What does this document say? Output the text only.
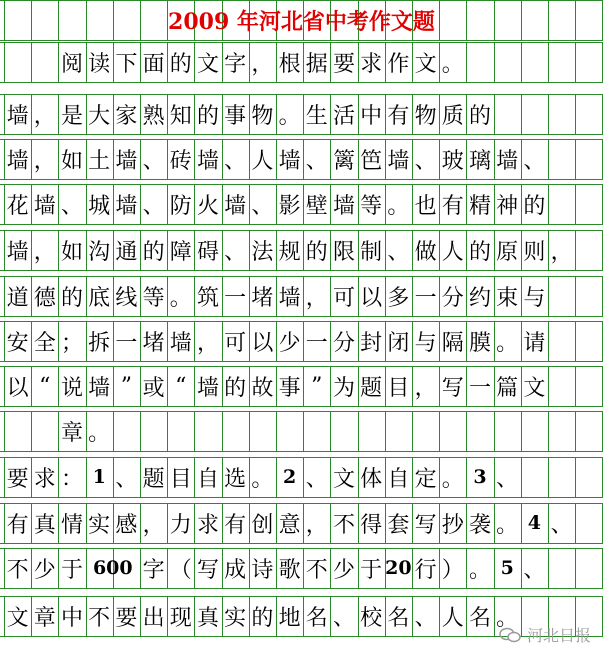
2009 年河北省中考作文题
阅 读 下 面 的 文 字 ， 根 据 要 求 作 文 。
墙 ， 是 大 家 熟 知 的 事 物 。 生 活 中 有 物 质 的
墙 ， 如 土 墙 、 砖 墙 、 人 墙 、 篱 笆 墙 、 玻 璃 墙 、
花 墙 、 城 墙 、 防 火 墙 、 影 壁 墙 等 。 也 有 精 神 的
墙 ， 如 沟 通 的 障 碍 、 法 规 的 限 制 、 做 人 的 原 则 ，
道 德 的 底 线 等 。 筑 一 堵 墙 ， 可 以 多 一 分 约 束 与
安 全 ； 拆 一 堵 墙 ， 可 以 少 一 分 封 闭 与 隔 膜 。 请
以 “ 说 墙 ” 或 “ 墙 的 故 事 ” 为 题 目 ， 写 一 篇 文
章 。
要 求 ： 1 、 题 目 自 选 。 2 、 文 体 自 定 。 3 、
有 真 情 实 感 ， 力 求 有 创 意 ， 不 得 套 写 抄 袭 。 4 、
不 少 于 600 字 （ 写 成 诗 歌 不 少 于 20 行 ） 。 5 、
文 章 中 不 要 出 现 真 实 的 地 名 、 校 名 、 人 名 。
河北日报
